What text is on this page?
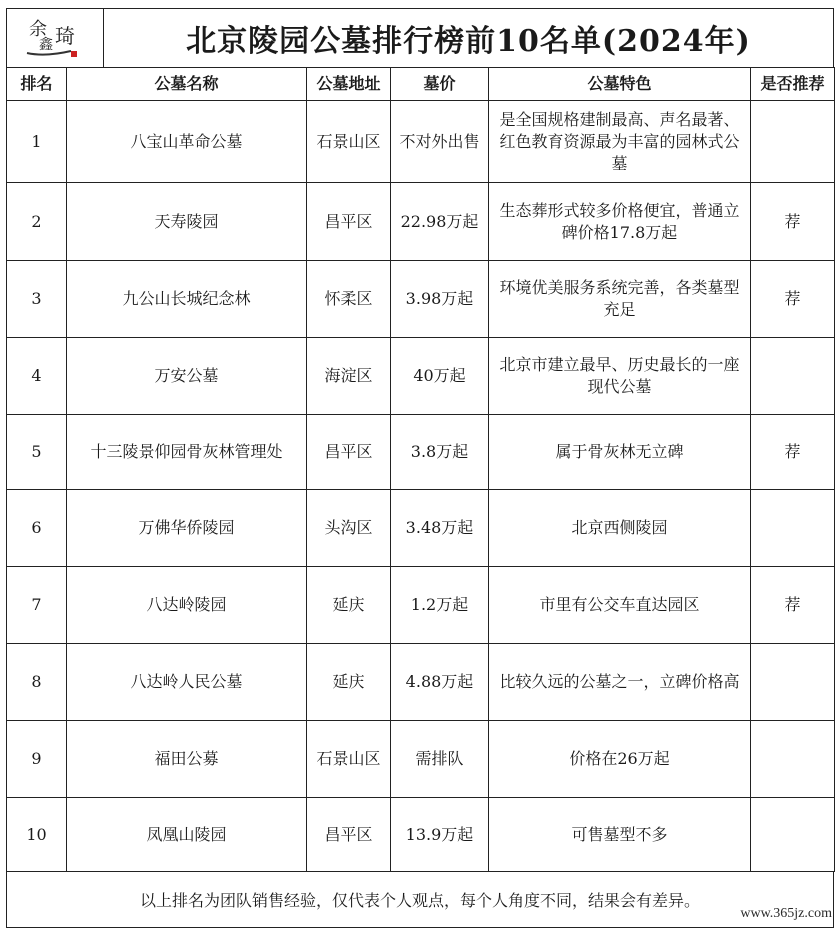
余
鑫 琦	北京陵园公墓排行榜前10名单(2024年)
排名	公墓名称	公墓地址	墓价	公墓特色	是否推荐
1	八宝山革命公墓	石景山区	不对外出售	是全国规格建制最高、声名最著、红色教育资源最为丰富的园林式公墓	
2	天寿陵园	昌平区	22.98万起	生态葬形式较多价格便宜，普通立碑价格17.8万起	荐
3	九公山长城纪念林	怀柔区	3.98万起	环境优美服务系统完善，各类墓型充足	荐
4	万安公墓	海淀区	40万起	北京市建立最早、历史最长的一座现代公墓	
5	十三陵景仰园骨灰林管理处	昌平区	3.8万起	属于骨灰林无立碑	荐
6	万佛华侨陵园	头沟区	3.48万起	北京西侧陵园	
7	八达岭陵园	延庆	1.2万起	市里有公交车直达园区	荐
8	八达岭人民公墓	延庆	4.88万起	比较久远的公墓之一，立碑价格高	
9	福田公募	石景山区	需排队	价格在26万起	
10	凤凰山陵园	昌平区	13.9万起	可售墓型不多	
以上排名为团队销售经验，仅代表个人观点，每个人角度不同，结果会有差异。
www.365jz.com
